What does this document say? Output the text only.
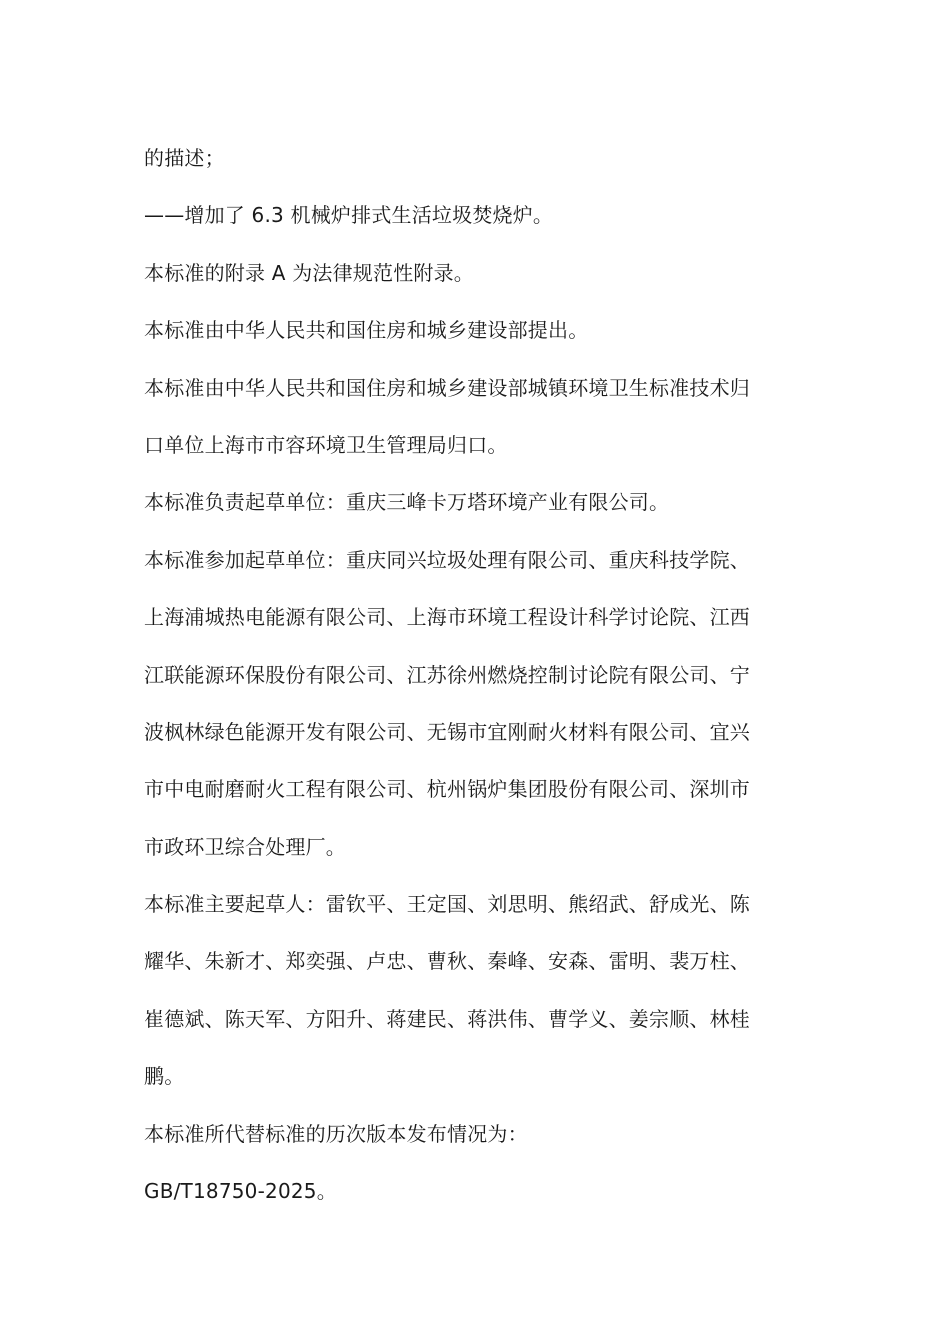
的描述；
——增加了 6.3 机械炉排式生活垃圾焚烧炉。
本标准的附录 A 为法律规范性附录。
本标准由中华人民共和国住房和城乡建设部提出。
本标准由中华人民共和国住房和城乡建设部城镇环境卫生标准技术归
口单位上海市市容环境卫生管理局归口。
本标准负责起草单位：重庆三峰卡万塔环境产业有限公司。
本标准参加起草单位：重庆同兴垃圾处理有限公司、重庆科技学院、
上海浦城热电能源有限公司、上海市环境工程设计科学讨论院、江西
江联能源环保股份有限公司、江苏徐州燃烧控制讨论院有限公司、宁
波枫林绿色能源开发有限公司、无锡市宜刚耐火材料有限公司、宜兴
市中电耐磨耐火工程有限公司、杭州锅炉集团股份有限公司、深圳市
市政环卫综合处理厂。
本标准主要起草人：雷钦平、王定国、刘思明、熊绍武、舒成光、陈
耀华、朱新才、郑奕强、卢忠、曹秋、秦峰、安森、雷明、裴万柱、
崔德斌、陈天军、方阳升、蒋建民、蒋洪伟、曹学义、姜宗顺、林桂
鹏。
本标准所代替标准的历次版本发布情况为：
GB/T18750-2025。
